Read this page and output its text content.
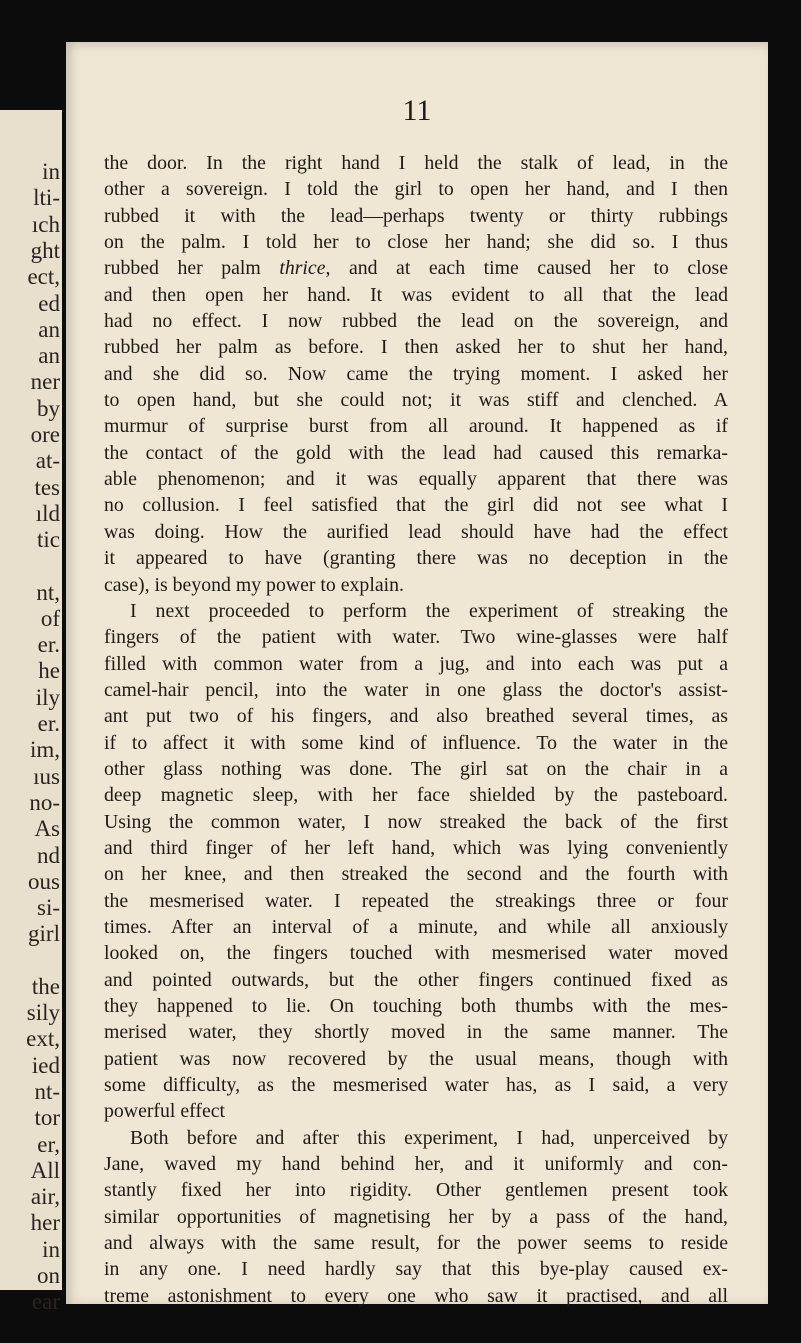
in
lti-
ıch
ght
ect,
ed
an
an
ner
by
ore
at-
tes
ıld
tic
nt,
of
er.
he
ily
er.
im,
ıus
no-
As
nd
ous
si-
girl
the
sily
ext,
ied
nt-
tor
er,
All
air,
her
in
on
ear
11
the door. In the right hand I held the stalk of lead, in the
other a sovereign. I told the girl to open her hand, and I then
rubbed it with the lead—perhaps twenty or thirty rubbings
on the palm. I told her to close her hand; she did so. I thus
rubbed her palm thrice, and at each time caused her to close
and then open her hand. It was evident to all that the lead
had no effect. I now rubbed the lead on the sovereign, and
rubbed her palm as before. I then asked her to shut her hand,
and she did so. Now came the trying moment. I asked her
to open hand, but she could not; it was stiff and clenched. A
murmur of surprise burst from all around. It happened as if
the contact of the gold with the lead had caused this remarka-
able phenomenon; and it was equally apparent that there was
no collusion. I feel satisfied that the girl did not see what I
was doing. How the aurified lead should have had the effect
it appeared to have (granting there was no deception in the
case), is beyond my power to explain.
I next proceeded to perform the experiment of streaking the
fingers of the patient with water. Two wine-glasses were half
filled with common water from a jug, and into each was put a
camel-hair pencil, into the water in one glass the doctor's assist-
ant put two of his fingers, and also breathed several times, as
if to affect it with some kind of influence. To the water in the
other glass nothing was done. The girl sat on the chair in a
deep magnetic sleep, with her face shielded by the pasteboard.
Using the common water, I now streaked the back of the first
and third finger of her left hand, which was lying conveniently
on her knee, and then streaked the second and the fourth with
the mesmerised water. I repeated the streakings three or four
times. After an interval of a minute, and while all anxiously
looked on, the fingers touched with mesmerised water moved
and pointed outwards, but the other fingers continued fixed as
they happened to lie. On touching both thumbs with the mes-
merised water, they shortly moved in the same manner. The
patient was now recovered by the usual means, though with
some difficulty, as the mesmerised water has, as I said, a very
powerful effect
Both before and after this experiment, I had, unperceived by
Jane, waved my hand behind her, and it uniformly and con-
stantly fixed her into rigidity. Other gentlemen present took
similar opportunities of magnetising her by a pass of the hand,
and always with the same result, for the power seems to reside
in any one. I need hardly say that this bye-play caused ex-
treme astonishment to every one who saw it practised, and all
